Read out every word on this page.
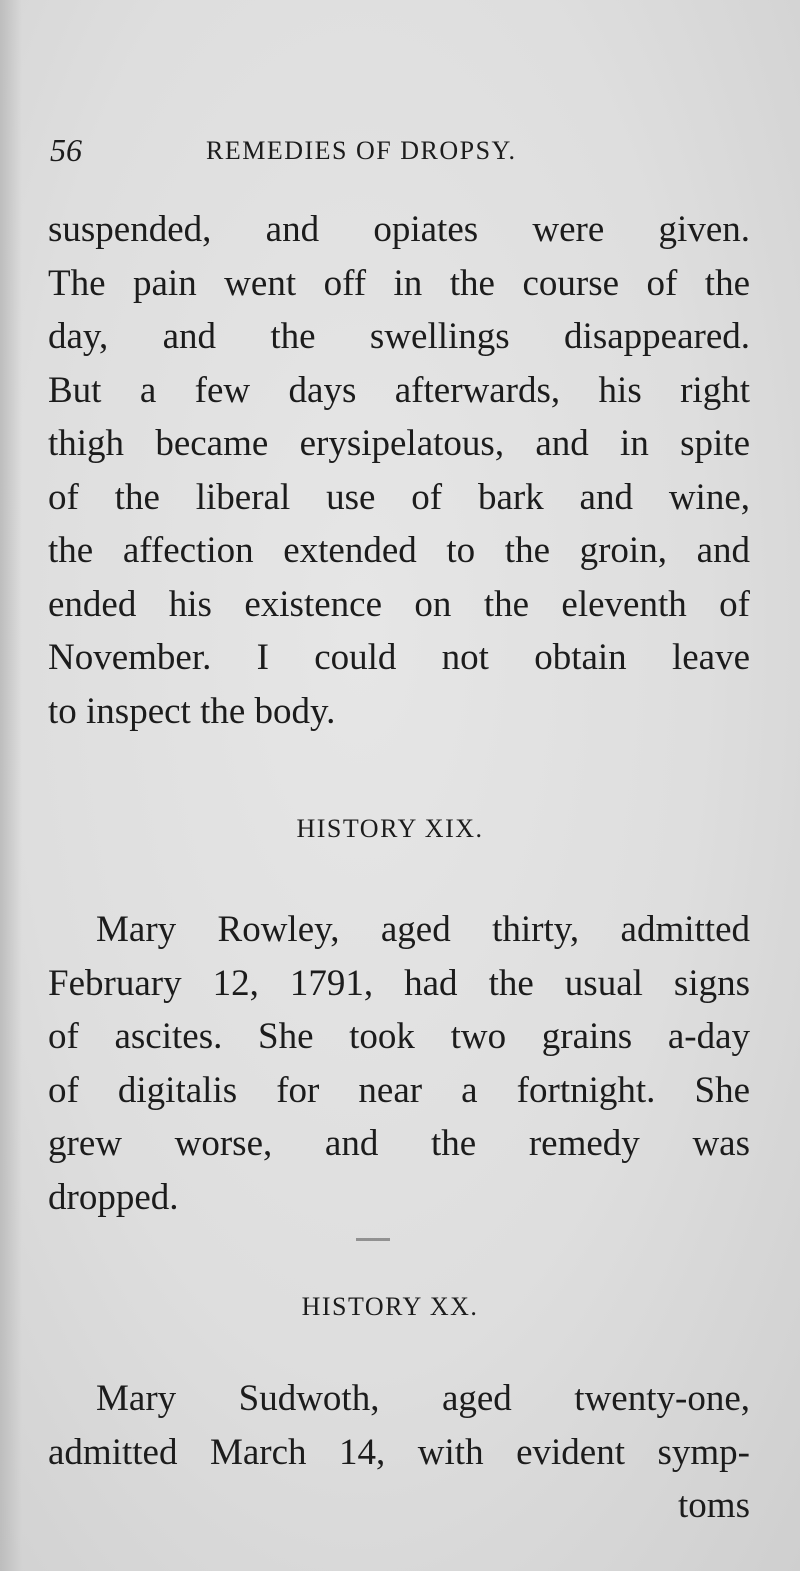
56	REMEDIES OF DROPSY.
suspended, and opiates were given.
The pain went off in the course of the
day, and the swellings disappeared.
But a few days afterwards, his right
thigh became erysipelatous, and in spite
of the liberal use of bark and wine,
the affection extended to the groin, and
ended his existence on the eleventh of
November. I could not obtain leave
to inspect the body.
HISTORY XIX.
Mary Rowley, aged thirty, admitted
February 12, 1791, had the usual signs
of ascites. She took two grains a-day
of digitalis for near a fortnight. She
grew worse, and the remedy was
dropped.
HISTORY XX.
Mary Sudwoth, aged twenty-one,
admitted March 14, with evident symp-
toms
